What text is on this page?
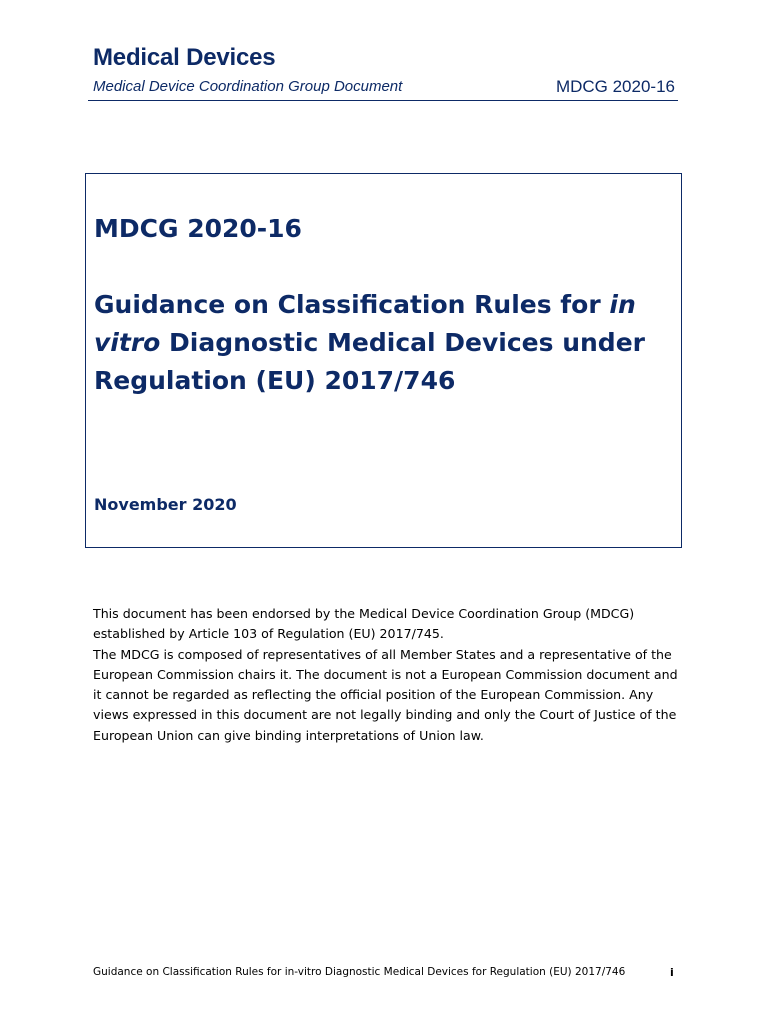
Medical Devices
Medical Device Coordination Group Document	MDCG 2020-16
MDCG 2020-16
Guidance on Classification Rules for in
vitro Diagnostic Medical Devices under Regulation (EU) 2017/746
November 2020

This document has been endorsed by the Medical Device Coordination Group (MDCG) established by Article 103 of Regulation (EU) 2017/745.

The MDCG is composed of representatives of all Member States and a representative of the European Commission chairs it. The document is not a European Commission document and it cannot be regarded as reflecting the official position of the European Commission. Any views expressed in this document are not legally binding and only the Court of Justice of the European Union can give binding interpretations of Union law.

Guidance on Classification Rules for in-vitro Diagnostic Medical Devices for Regulation (EU) 2017/746	i
